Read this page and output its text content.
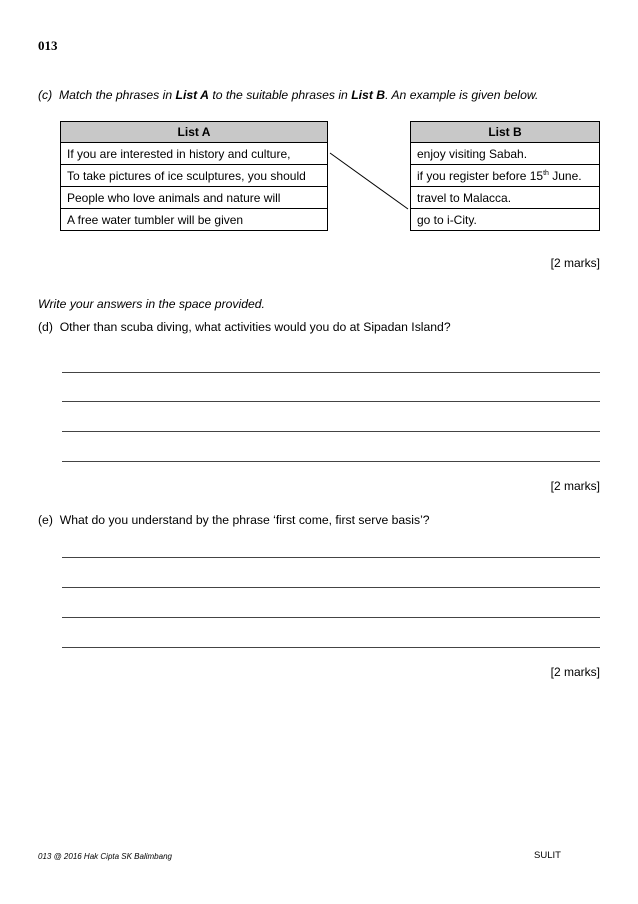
013
(c) Match the phrases in List A to the suitable phrases in List B. An example is given below.
List A
If you are interested in history and culture,
To take pictures of ice sculptures, you should
People who love animals and nature will
A free water tumbler will be given
List B
enjoy visiting Sabah.
if you register before 15th June.
travel to Malacca.
go to i-City.
[2 marks]
Write your answers in the space provided.
(d) Other than scuba diving, what activities would you do at Sipadan Island?
[2 marks]
(e) What do you understand by the phrase ‘first come, first serve basis’?
[2 marks]
013 @ 2016 Hak Cipta SK Balimbang	SULIT
